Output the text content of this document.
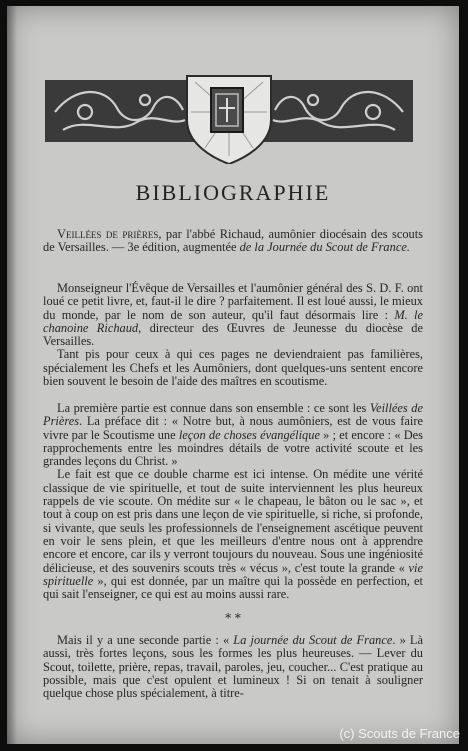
BIBLIOGRAPHIE

Veillées de prières, par l'abbé Richaud, aumônier diocésain des scouts de Versailles. — 3e édition, augmentée de la Journée du Scout de France.

Monseigneur l'Évêque de Versailles et l'aumônier général des S. D. F. ont loué ce petit livre, et, faut-il le dire ? parfaitement. Il est loué aussi, le mieux du monde, par le nom de son auteur, qu'il faut désormais lire : M. le chanoine Richaud, directeur des Œuvres de Jeunesse du diocèse de Versailles.

Tant pis pour ceux à qui ces pages ne deviendraient pas familières, spécialement les Chefs et les Aumôniers, dont quelques-uns sentent encore bien souvent le besoin de l'aide des maîtres en scoutisme.

La première partie est connue dans son ensemble : ce sont les Veillées de Prières. La préface dit : « Notre but, à nous aumôniers, est de vous faire vivre par le Scoutisme une leçon de choses évangélique » ; et encore : « Des rapprochements entre les moindres détails de votre activité scoute et les grandes leçons du Christ. »

Le fait est que ce double charme est ici intense. On médite une vérité classique de vie spirituelle, et tout de suite interviennent les plus heureux rappels de vie scoute. On médite sur « le chapeau, le bâton ou le sac », et tout à coup on est pris dans une leçon de vie spirituelle, si riche, si profonde, si vivante, que seuls les professionnels de l'enseignement ascétique peuvent en voir le sens plein, et que les meilleurs d'entre nous ont à apprendre encore et encore, car ils y verront toujours du nouveau. Sous une ingéniosité délicieuse, et des souvenirs scouts très « vécus », c'est toute la grande « vie spirituelle », qui est donnée, par un maître qui la possède en perfection, et qui sait l'enseigner, ce qui est au moins aussi rare.

* *

Mais il y a une seconde partie : « La journée du Scout de France. » Là aussi, très fortes leçons, sous les formes les plus heureuses. — Lever du Scout, toilette, prière, repas, travail, paroles, jeu, coucher... C'est pratique au possible, mais que c'est opulent et lumineux ! Si on tenait à souligner quelque chose plus spécialement, à titre-

(c) Scouts de France
